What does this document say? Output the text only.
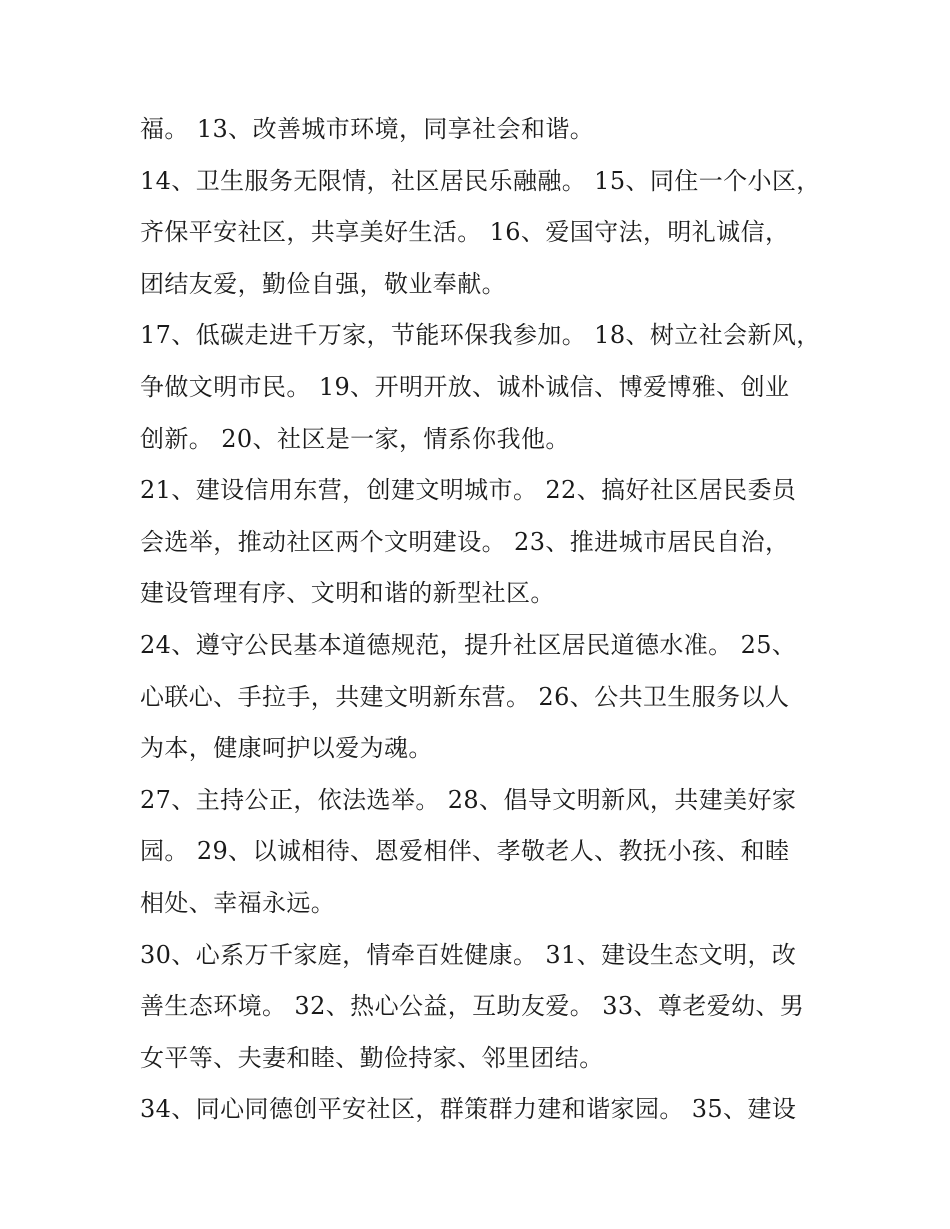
福。 13、改善城市环境，同享社会和谐。
14、卫生服务无限情，社区居民乐融融。 15、同住一个小区，
齐保平安社区，共享美好生活。 16、爱国守法，明礼诚信，
团结友爱，勤俭自强，敬业奉献。
17、低碳走进千万家，节能环保我参加。 18、树立社会新风，
争做文明市民。 19、开明开放、诚朴诚信、博爱博雅、创业
创新。 20、社区是一家，情系你我他。
21、建设信用东营，创建文明城市。 22、搞好社区居民委员
会选举，推动社区两个文明建设。 23、推进城市居民自治，
建设管理有序、文明和谐的新型社区。
24、遵守公民基本道德规范，提升社区居民道德水准。 25、
心联心、手拉手，共建文明新东营。 26、公共卫生服务以人
为本，健康呵护以爱为魂。
27、主持公正，依法选举。 28、倡导文明新风，共建美好家
园。 29、以诚相待、恩爱相伴、孝敬老人、教抚小孩、和睦
相处、幸福永远。
30、心系万千家庭，情牵百姓健康。 31、建设生态文明，改
善生态环境。 32、热心公益，互助友爱。 33、尊老爱幼、男
女平等、夫妻和睦、勤俭持家、邻里团结。
34、同心同德创平安社区，群策群力建和谐家园。 35、建设
